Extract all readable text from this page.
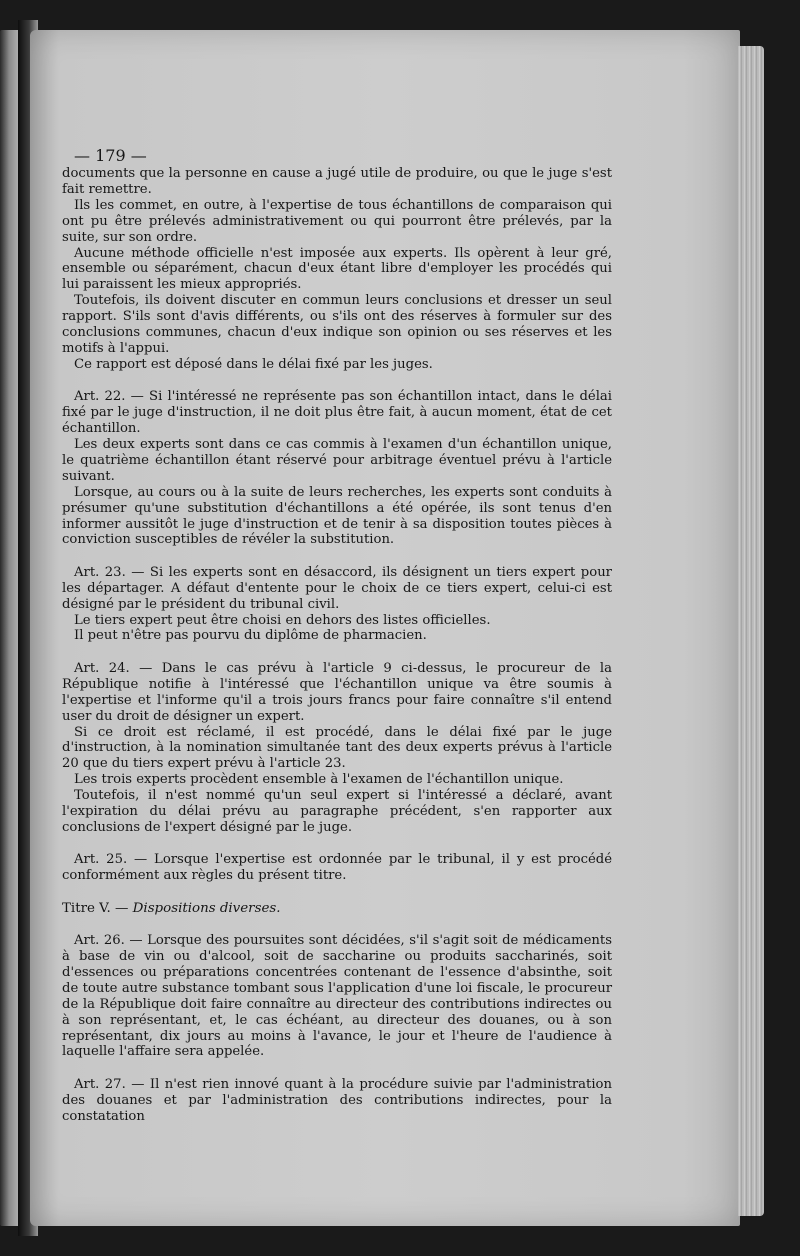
— 179 —

documents que la personne en cause a jugé utile de produire, ou que le juge s'est fait remettre.

Ils les commet, en outre, à l'expertise de tous échantillons de comparaison qui ont pu être prélevés administrativement ou qui pourront être prélevés, par la suite, sur son ordre.

Aucune méthode officielle n'est imposée aux experts. Ils opèrent à leur gré, ensemble ou séparément, chacun d'eux étant libre d'employer les procédés qui lui paraissent les mieux appropriés.

Toutefois, ils doivent discuter en commun leurs conclusions et dresser un seul rapport. S'ils sont d'avis différents, ou s'ils ont des réserves à formuler sur des conclusions communes, chacun d'eux indique son opinion ou ses réserves et les motifs à l'appui.

Ce rapport est déposé dans le délai fixé par les juges.

Art. 22. — Si l'intéressé ne représente pas son échantillon intact, dans le délai fixé par le juge d'instruction, il ne doit plus être fait, à aucun moment, état de cet échantillon.

Les deux experts sont dans ce cas commis à l'examen d'un échantillon unique, le quatrième échantillon étant réservé pour arbitrage éventuel prévu à l'article suivant.

Lorsque, au cours ou à la suite de leurs recherches, les experts sont conduits à présumer qu'une substitution d'échantillons a été opérée, ils sont tenus d'en informer aussitôt le juge d'instruction et de tenir à sa disposition toutes pièces à conviction susceptibles de révéler la substitution.

Art. 23. — Si les experts sont en désaccord, ils désignent un tiers expert pour les départager. A défaut d'entente pour le choix de ce tiers expert, celui-ci est désigné par le président du tribunal civil.

Le tiers expert peut être choisi en dehors des listes officielles.

Il peut n'être pas pourvu du diplôme de pharmacien.

Art. 24. — Dans le cas prévu à l'article 9 ci-dessus, le procureur de la République notifie à l'intéressé que l'échantillon unique va être soumis à l'expertise et l'informe qu'il a trois jours francs pour faire connaître s'il entend user du droit de désigner un expert.

Si ce droit est réclamé, il est procédé, dans le délai fixé par le juge d'instruction, à la nomination simultanée tant des deux experts prévus à l'article 20 que du tiers expert prévu à l'article 23.

Les trois experts procèdent ensemble à l'examen de l'échantillon unique.

Toutefois, il n'est nommé qu'un seul expert si l'intéressé a déclaré, avant l'expiration du délai prévu au paragraphe précédent, s'en rapporter aux conclusions de l'expert désigné par le juge.

Art. 25. — Lorsque l'expertise est ordonnée par le tribunal, il y est procédé conformément aux règles du présent titre.

Titre V. — Dispositions diverses.

Art. 26. — Lorsque des poursuites sont décidées, s'il s'agit soit de médicaments à base de vin ou d'alcool, soit de saccharine ou produits saccharinés, soit d'essences ou préparations concentrées contenant de l'essence d'absinthe, soit de toute autre substance tombant sous l'application d'une loi fiscale, le procureur de la République doit faire connaître au directeur des contributions indirectes ou à son représentant, et, le cas échéant, au directeur des douanes, ou à son représentant, dix jours au moins à l'avance, le jour et l'heure de l'audience à laquelle l'affaire sera appelée.

Art. 27. — Il n'est rien innové quant à la procédure suivie par l'administration des douanes et par l'administration des contributions indirectes, pour la constatation
